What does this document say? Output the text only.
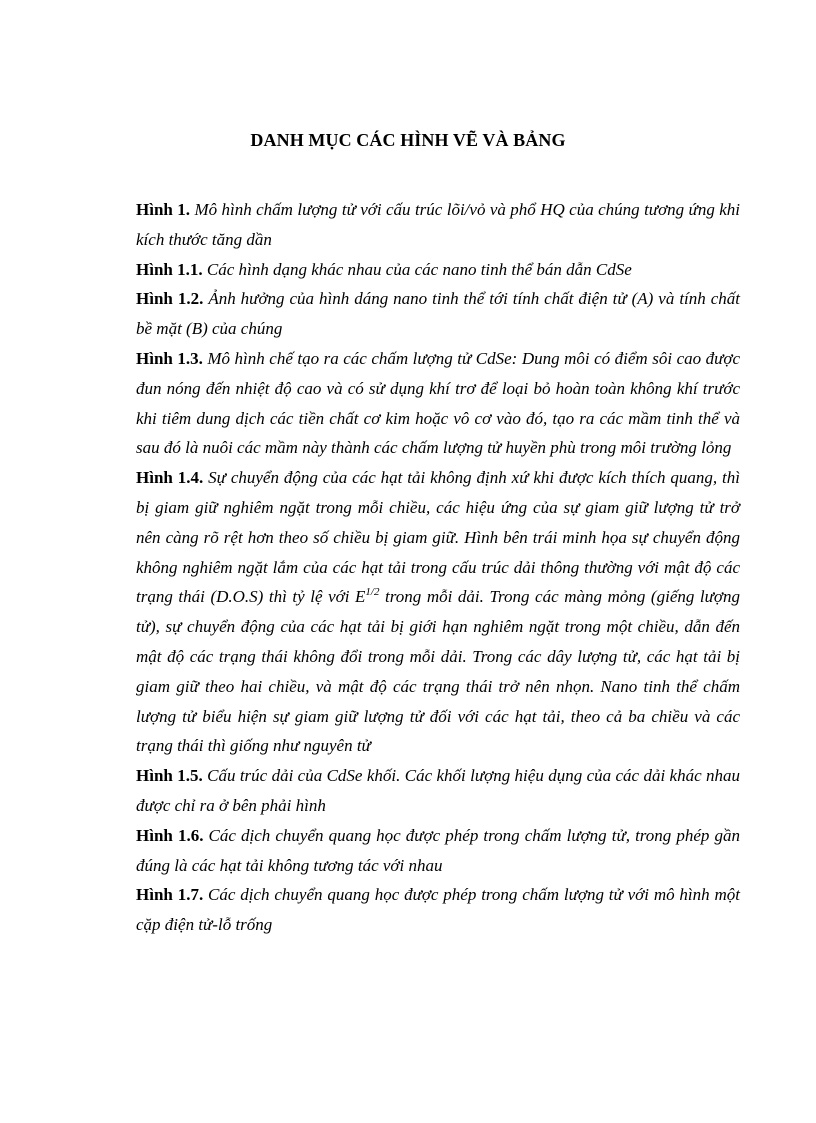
DANH MỤC CÁC HÌNH VẼ VÀ BẢNG

Hình 1. Mô hình chấm lượng tử với cấu trúc lõi/vỏ và phổ HQ của chúng tương ứng khi kích thước tăng dần

Hình 1.1. Các hình dạng khác nhau của các nano tinh thể bán dẫn CdSe

Hình 1.2. Ảnh hưởng của hình dáng nano tinh thể tới tính chất điện tử (A) và tính chất bề mặt (B) của chúng

Hình 1.3. Mô hình chế tạo ra các chấm lượng tử CdSe: Dung môi có điểm sôi cao được đun nóng đến nhiệt độ cao và có sử dụng khí trơ để loại bỏ hoàn toàn không khí trước khi tiêm dung dịch các tiền chất cơ kim hoặc vô cơ vào đó, tạo ra các mầm tinh thể và sau đó là nuôi các mầm này thành các chấm lượng tử huyền phù trong môi trường lỏng

Hình 1.4. Sự chuyển động của các hạt tải không định xứ khi được kích thích quang, thì bị giam giữ nghiêm ngặt trong mỗi chiều, các hiệu ứng của sự giam giữ lượng tử trở nên càng rõ rệt hơn theo số chiều bị giam giữ. Hình bên trái minh họa sự chuyển động không nghiêm ngặt lắm của các hạt tải trong cấu trúc dải thông thường với mật độ các trạng thái (D.O.S) thì tỷ lệ với $E^{1/2}$ trong mỗi dải. Trong các màng mỏng (giếng lượng tử), sự chuyển động của các hạt tải bị giới hạn nghiêm ngặt trong một chiều, dẫn đến mật độ các trạng thái không đổi trong mỗi dải. Trong các dây lượng tử, các hạt tải bị giam giữ theo hai chiều, và mật độ các trạng thái trở nên nhọn. Nano tinh thể chấm lượng tử biểu hiện sự giam giữ lượng tử đối với các hạt tải, theo cả ba chiều và các trạng thái thì giống như nguyên tử

Hình 1.5. Cấu trúc dải của CdSe khối. Các khối lượng hiệu dụng của các dải khác nhau được chỉ ra ở bên phải hình

Hình 1.6. Các dịch chuyển quang học được phép trong chấm lượng tử, trong phép gần đúng là các hạt tải không tương tác với nhau

Hình 1.7. Các dịch chuyển quang học được phép trong chấm lượng tử với mô hình một cặp điện tử-lỗ trống
